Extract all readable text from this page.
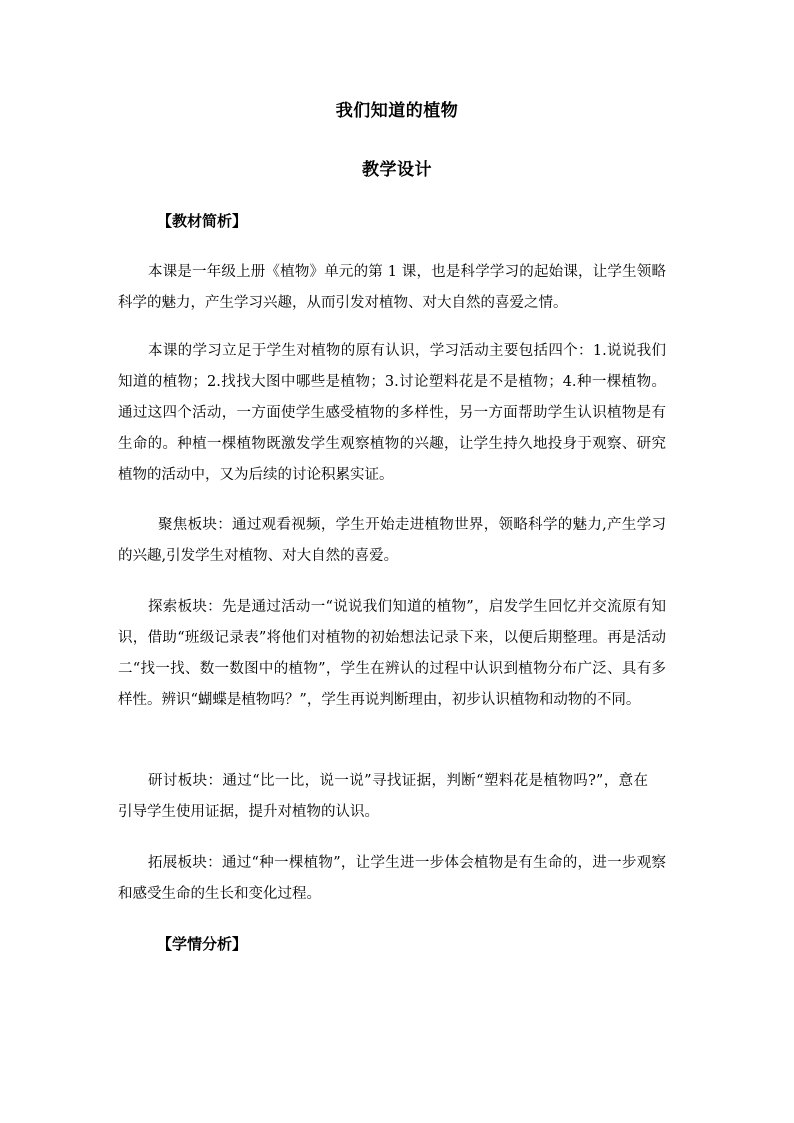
我们知道的植物
教学设计
【教材简析】

本课是一年级上册《植物》单元的第 1 课，也是科学学习的起始课，让学生领略科学的魅力，产生学习兴趣，从而引发对植物、对大自然的喜爱之情。

本课的学习立足于学生对植物的原有认识，学习活动主要包括四个：1.说说我们知道的植物；2.找找大图中哪些是植物；3.讨论塑料花是不是植物；4.种一棵植物。通过这四个活动，一方面使学生感受植物的多样性，另一方面帮助学生认识植物是有生命的。种植一棵植物既激发学生观察植物的兴趣，让学生持久地投身于观察、研究植物的活动中，又为后续的讨论积累实证。

聚焦板块：通过观看视频，学生开始走进植物世界，领略科学的魅力,产生学习的兴趣,引发学生对植物、对大自然的喜爱。

探索板块：先是通过活动一“说说我们知道的植物”，启发学生回忆并交流原有知识，借助“班级记录表”将他们对植物的初始想法记录下来，以便后期整理。再是活动二“找一找、数一数图中的植物”，学生在辨认的过程中认识到植物分布广泛、具有多样性。辨识“蝴蝶是植物吗？”，学生再说判断理由，初步认识植物和动物的不同。

研讨板块：通过“比一比，说一说”寻找证据，判断“塑料花是植物吗?”，意在引导学生使用证据，提升对植物的认识。

拓展板块：通过“种一棵植物”，让学生进一步体会植物是有生命的，进一步观察和感受生命的生长和变化过程。

【学情分析】
